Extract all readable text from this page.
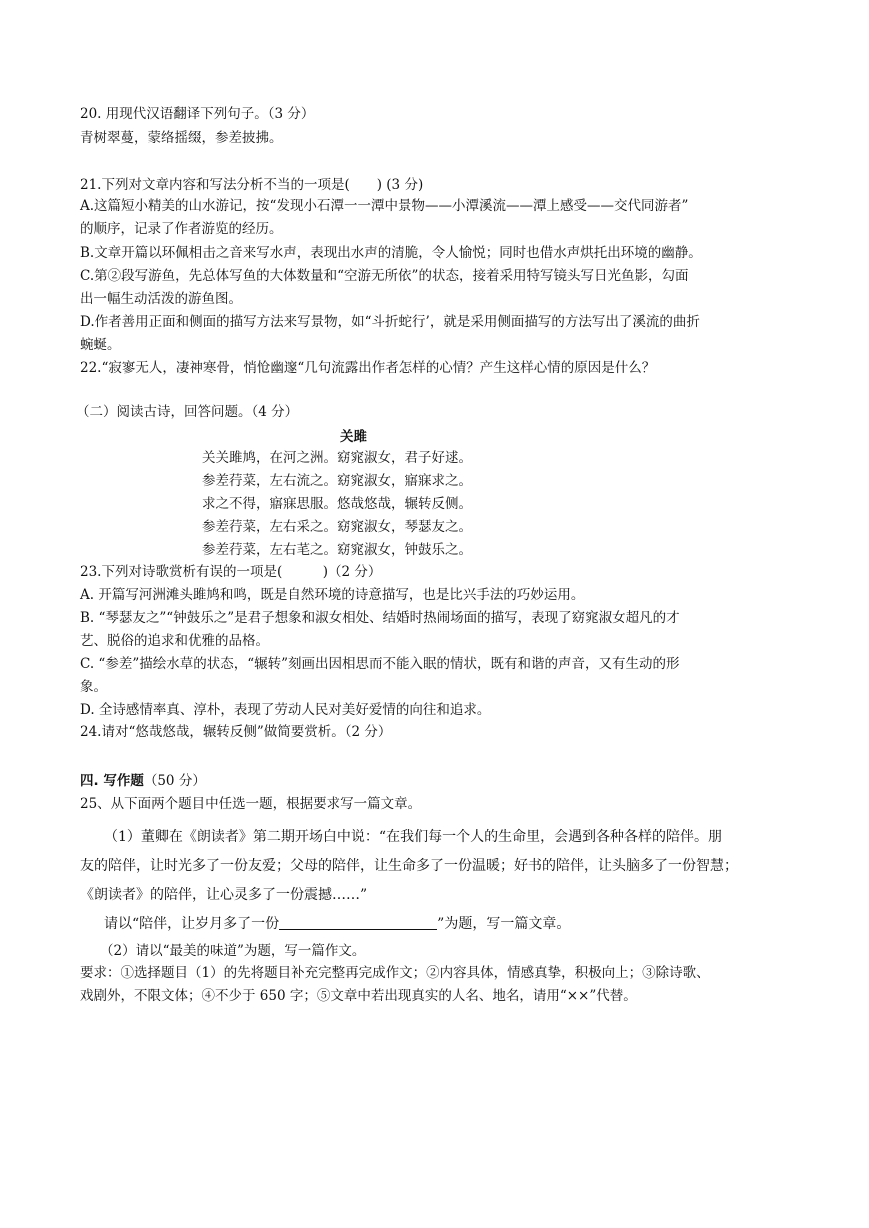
20. 用现代汉语翻译下列句子。（3 分）
青树翠蔓，蒙络摇缀，参差披拂。
21.下列对文章内容和写法分析不当的一项是(　　) (3 分)
A.这篇短小精美的山水游记，按“发现小石潭一一潭中景物——小潭溪流——潭上感受——交代同游者”
的顺序，记录了作者游览的经历。
B.文章开篇以环佩相击之音来写水声，表现出水声的清脆，令人愉悦；同时也借水声烘托出环境的幽静。
C.第②段写游鱼，先总体写鱼的大体数量和“空游无所依”的状态，接着采用特写镜头写日光鱼影，勾面
出一幅生动活泼的游鱼图。
D.作者善用正面和侧面的描写方法来写景物，如“斗折蛇行’，就是采用侧面描写的方法写出了溪流的曲折
蜿蜒。
22.“寂寥无人，凄神寒骨，悄怆幽邃“几句流露出作者怎样的心情？产生这样心情的原因是什么？
（二）阅读古诗，回答问题。（4 分）
关雎
关关雎鸠，在河之洲。窈窕淑女，君子好逑。
参差荇菜，左右流之。窈窕淑女，寤寐求之。
求之不得，寤寐思服。悠哉悠哉，辗转反侧。
参差荇菜，左右采之。窈窕淑女，琴瑟友之。
参差荇菜，左右芼之。窈窕淑女，钟鼓乐之。
23.下列对诗歌赏析有误的一项是(　　　)（2 分）
A. 开篇写河洲滩头雎鸠和鸣，既是自然环境的诗意描写，也是比兴手法的巧妙运用。
B. “琴瑟友之”“钟鼓乐之”是君子想象和淑女相处、结婚时热闹场面的描写，表现了窈窕淑女超凡的才
艺、脱俗的追求和优雅的品格。
C. “参差”描绘水草的状态，“辗转”刻画出因相思而不能入眠的情状，既有和谐的声音，又有生动的形
象。
D. 全诗感情率真、淳朴，表现了劳动人民对美好爱情的向往和追求。
24.请对“悠哉悠哉，辗转反侧”做简要赏析。（2 分）
四. 写作题（50 分）
25、从下面两个题目中任选一题，根据要求写一篇文章。
（1）董卿在《朗读者》第二期开场白中说：“在我们每一个人的生命里，会遇到各种各样的陪伴。朋
友的陪伴，让时光多了一份友爱；父母的陪伴，让生命多了一份温暖；好书的陪伴，让头脑多了一份智慧；
《朗读者》的陪伴，让心灵多了一份震撼……”
请以“陪伴，让岁月多了一份	”为题，写一篇文章。
（2）请以“最美的味道”为题，写一篇作文。
要求：①选择题目（1）的先将题目补充完整再完成作文；②内容具体，情感真挚，积极向上；③除诗歌、
戏剧外，不限文体；④不少于 650 字；⑤文章中若出现真实的人名、地名，请用“××”代替。
